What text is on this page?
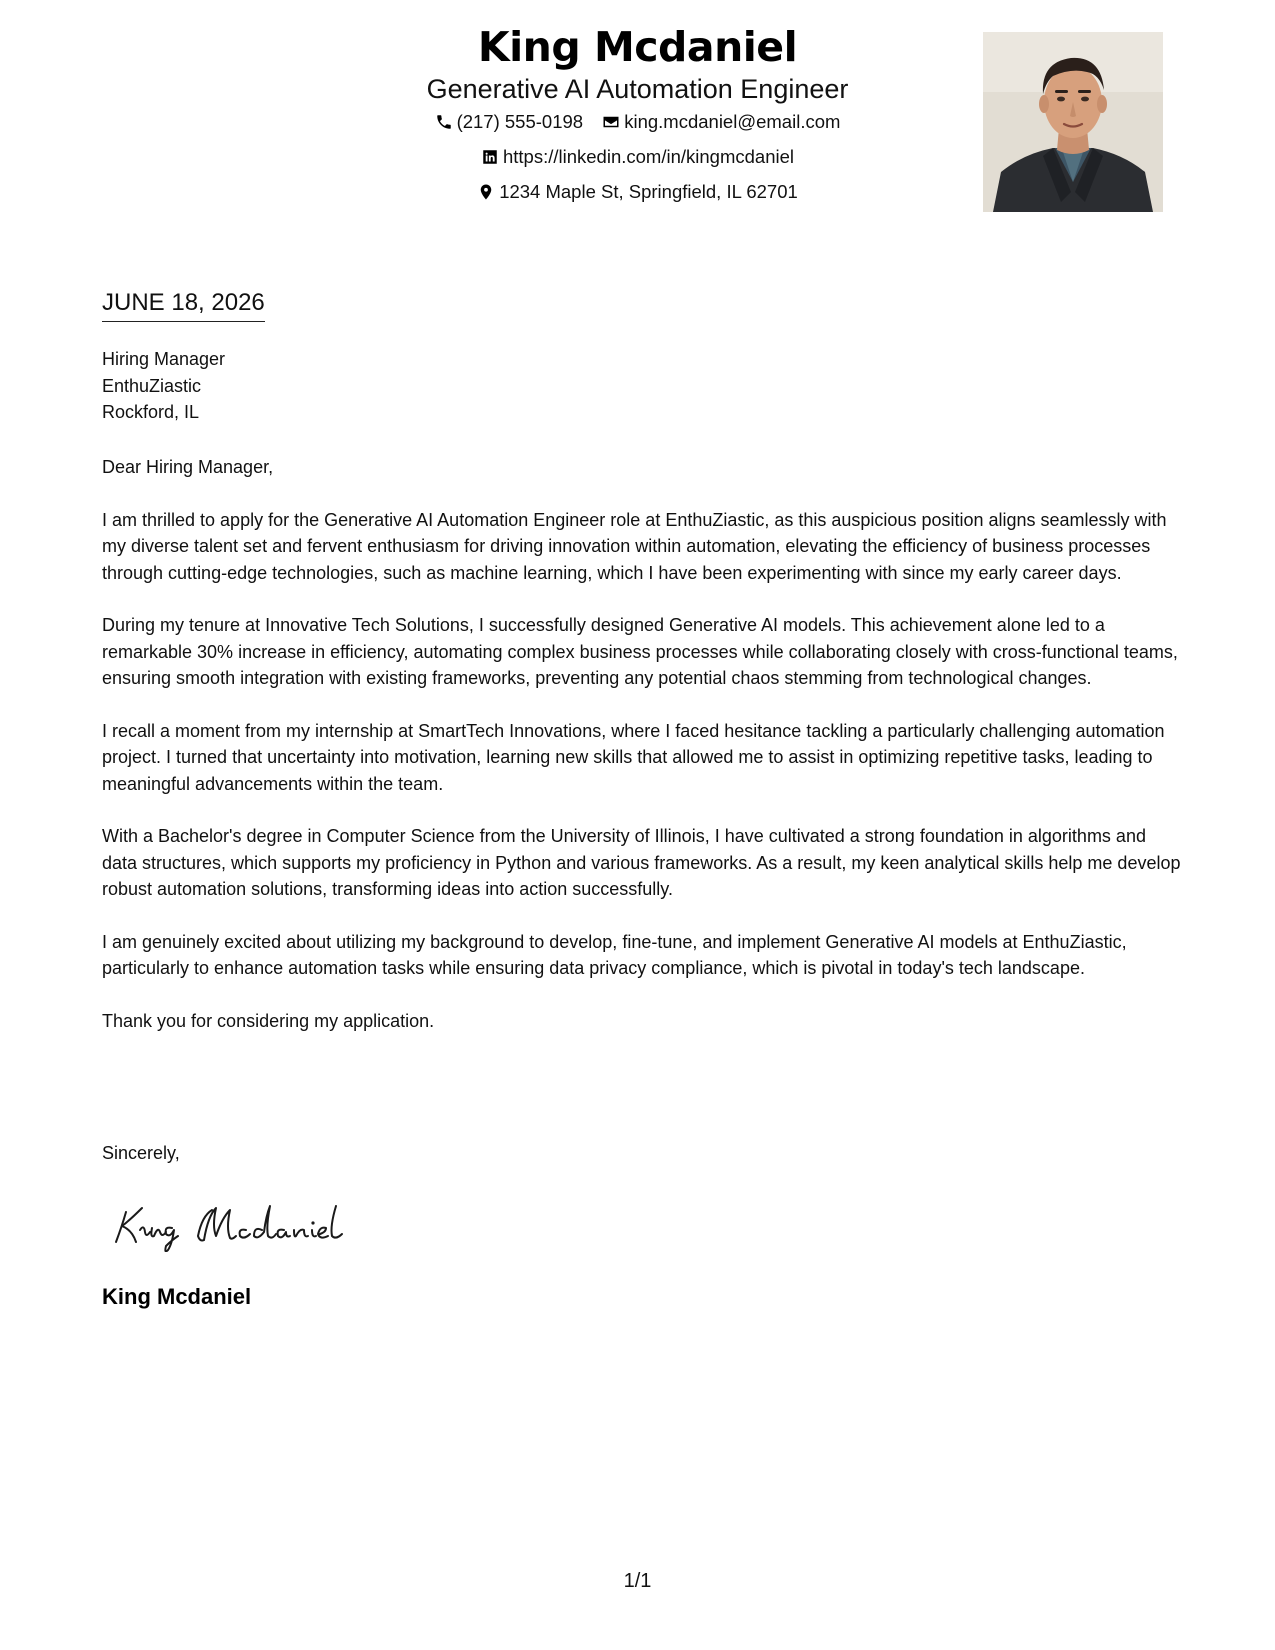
King Mcdaniel
Generative AI Automation Engineer
(217) 555-0198
king.mcdaniel@email.com
https://linkedin.com/in/kingmcdaniel
1234 Maple St, Springfield, IL 62701
JUNE 18, 2026
Hiring Manager
EnthuZiastic
Rockford, IL

Dear Hiring Manager,

I am thrilled to apply for the Generative AI Automation Engineer role at EnthuZiastic, as this auspicious position aligns seamlessly with my diverse talent set and fervent enthusiasm for driving innovation within automation, elevating the efficiency of business processes through cutting-edge technologies, such as machine learning, which I have been experimenting with since my early career days.

During my tenure at Innovative Tech Solutions, I successfully designed Generative AI models. This achievement alone led to a remarkable 30% increase in efficiency, automating complex business processes while collaborating closely with cross-functional teams, ensuring smooth integration with existing frameworks, preventing any potential chaos stemming from technological changes.

I recall a moment from my internship at SmartTech Innovations, where I faced hesitance tackling a particularly challenging automation project. I turned that uncertainty into motivation, learning new skills that allowed me to assist in optimizing repetitive tasks, leading to meaningful advancements within the team.

With a Bachelor's degree in Computer Science from the University of Illinois, I have cultivated a strong foundation in algorithms and data structures, which supports my proficiency in Python and various frameworks. As a result, my keen analytical skills help me develop robust automation solutions, transforming ideas into action successfully.

I am genuinely excited about utilizing my background to develop, fine-tune, and implement Generative AI models at EnthuZiastic, particularly to enhance automation tasks while ensuring data privacy compliance, which is pivotal in today's tech landscape.

Thank you for considering my application.

Sincerely,
King Mcdaniel
1/1
